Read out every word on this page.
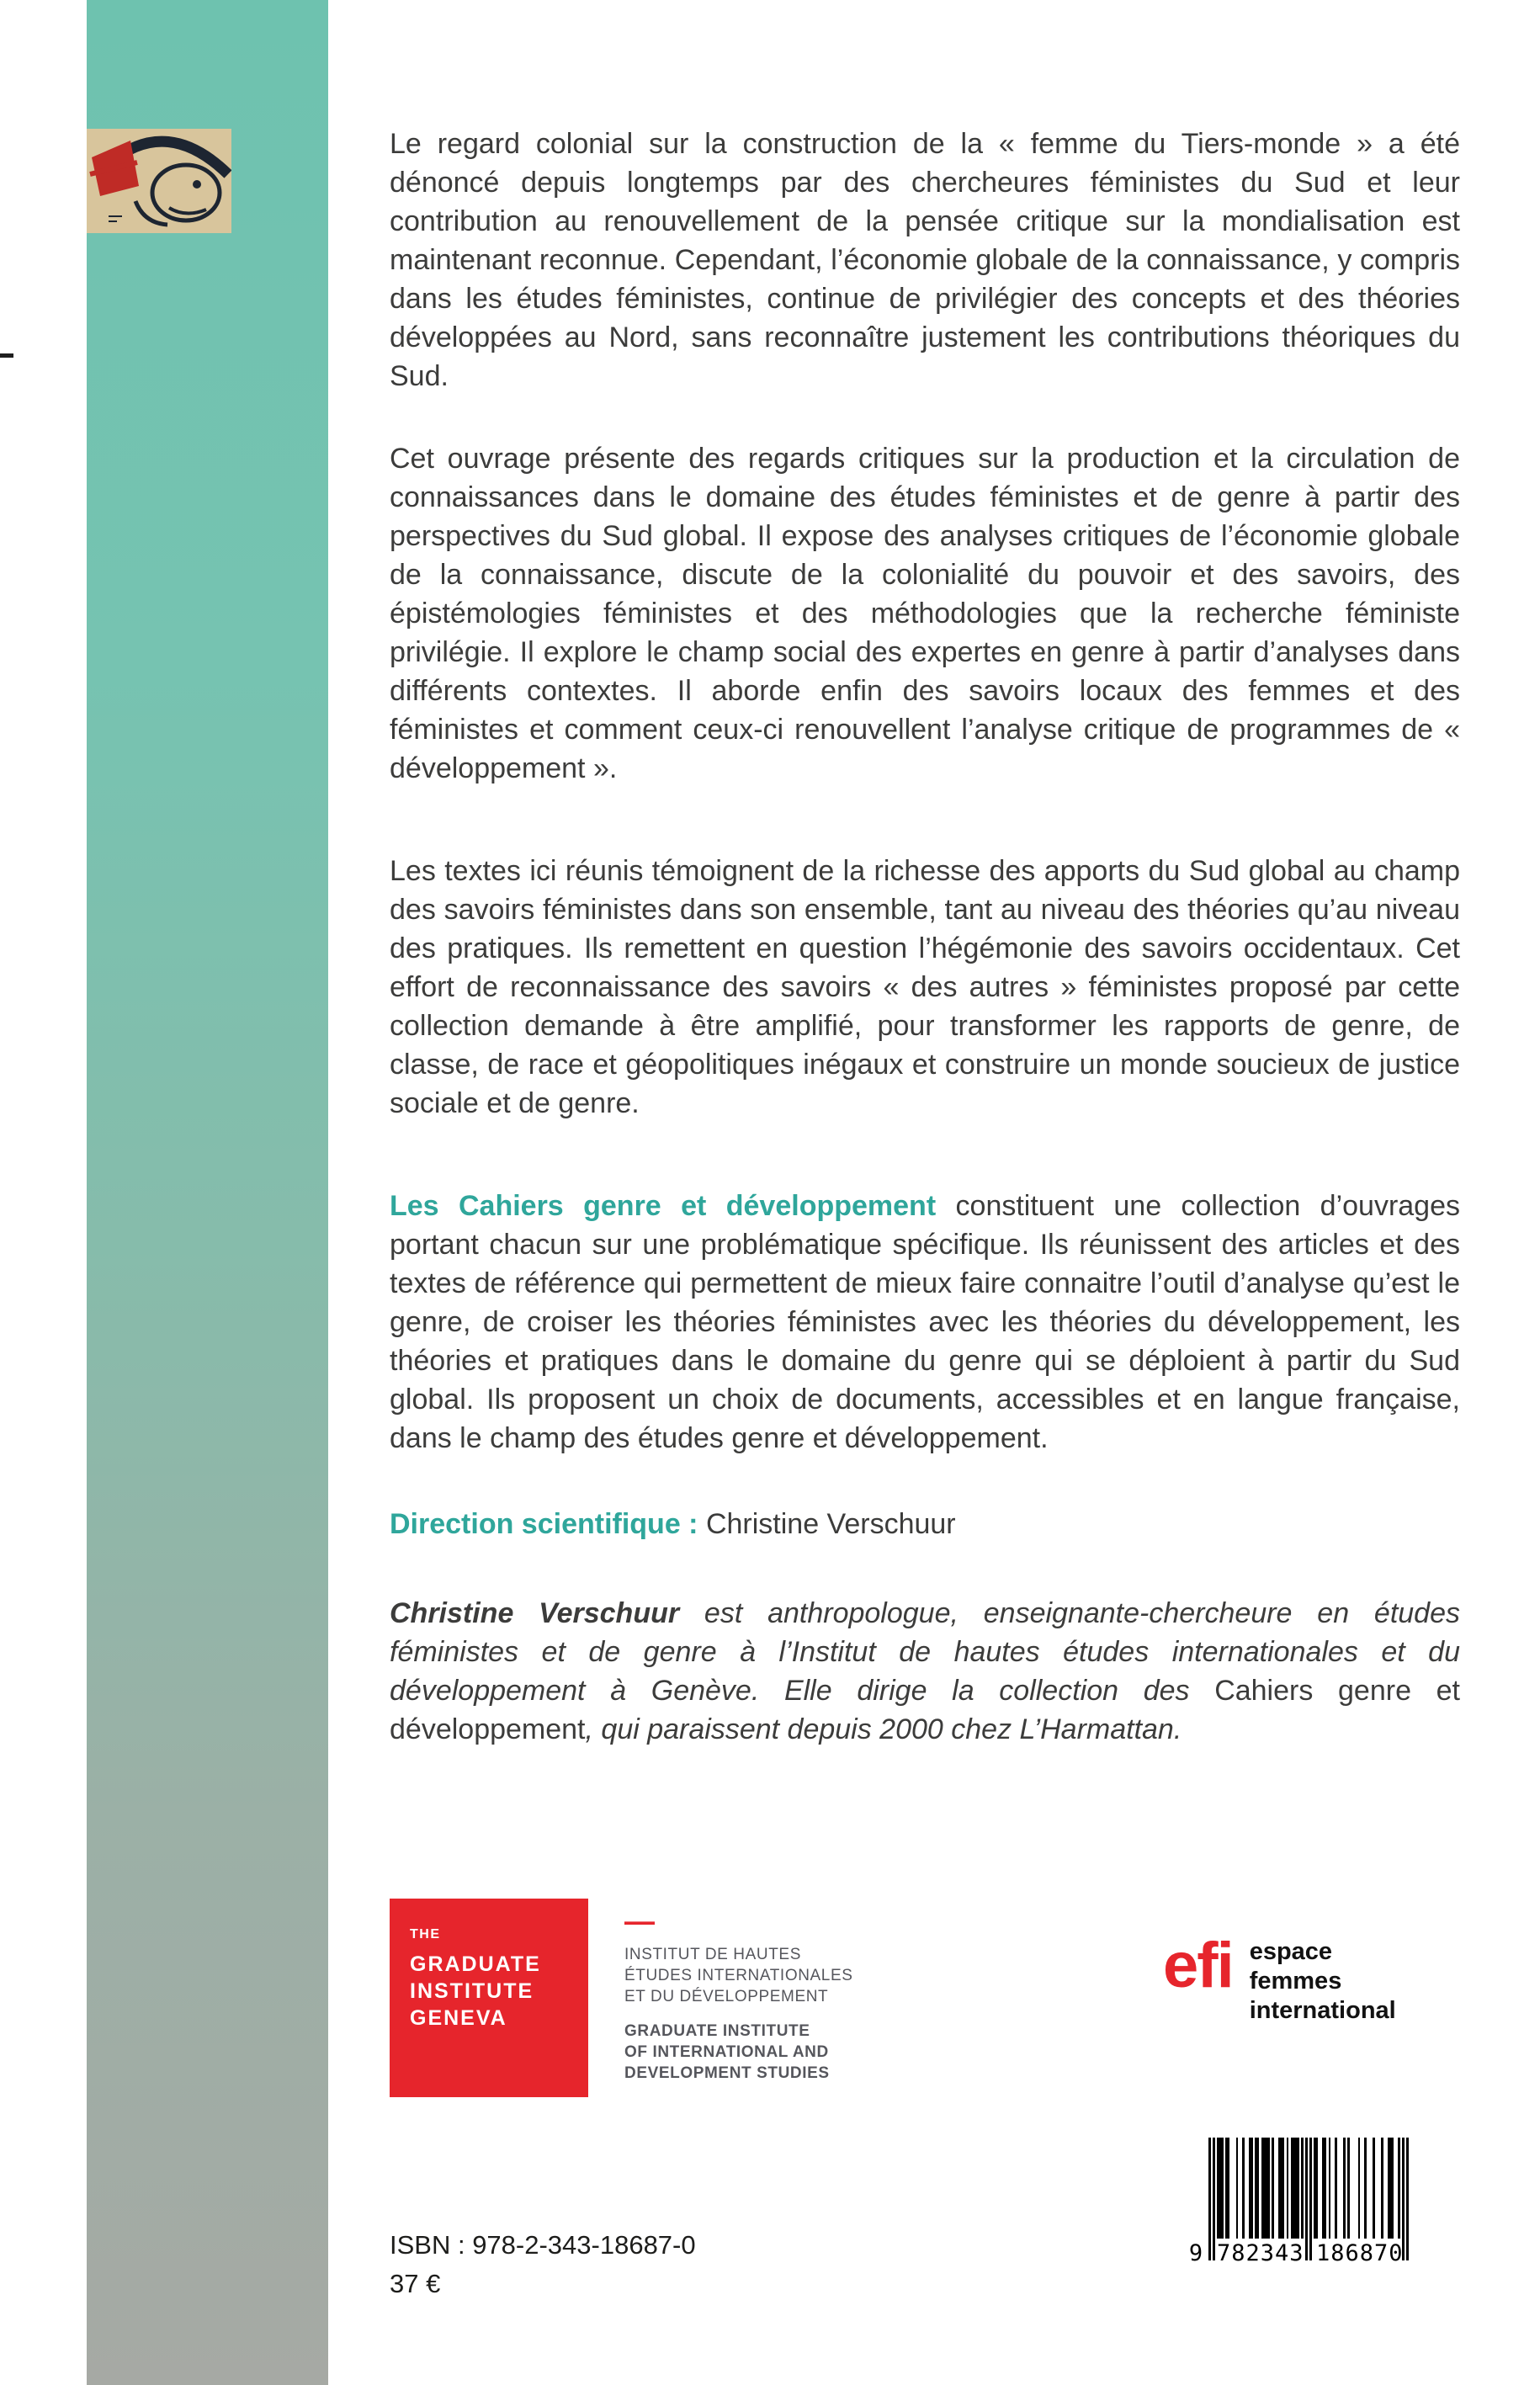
Le regard colonial sur la construction de la « femme du Tiers-monde » a été dénoncé depuis longtemps par des chercheures féministes du Sud et leur contribution au renouvellement de la pensée critique sur la mondialisation est maintenant reconnue. Cependant, l’économie globale de la connaissance, y compris dans les études féministes, continue de privilégier des concepts et des théories développées au Nord, sans reconnaître justement les contributions théoriques du Sud.

Cet ouvrage présente des regards critiques sur la production et la circulation de connaissances dans le domaine des études féministes et de genre à partir des perspectives du Sud global. Il expose des analyses critiques de l’économie globale de la connaissance, discute de la colonialité du pouvoir et des savoirs, des épistémologies féministes et des méthodologies que la recherche féministe privilégie. Il explore le champ social des expertes en genre à partir d’analyses dans différents contextes. Il aborde enfin des savoirs locaux des femmes et des féministes et comment ceux-ci renouvellent l’analyse critique de programmes de « développement ».

Les textes ici réunis témoignent de la richesse des apports du Sud global au champ des savoirs féministes dans son ensemble, tant au niveau des théories qu’au niveau des pratiques. Ils remettent en question l’hégémonie des savoirs occidentaux. Cet effort de reconnaissance des savoirs « des autres » féministes proposé par cette collection demande à être amplifié, pour transformer les rapports de genre, de classe, de race et géopolitiques inégaux et construire un monde soucieux de justice sociale et de genre.

Les Cahiers genre et développement constituent une collection d’ouvrages portant chacun sur une problématique spécifique. Ils réunissent des articles et des textes de référence qui permettent de mieux faire connaitre l’outil d’analyse qu’est le genre, de croiser les théories féministes avec les théories du développement, les théories et pratiques dans le domaine du genre qui se déploient à partir du Sud global. Ils proposent un choix de documents, accessibles et en langue française, dans le champ des études genre et développement.

Direction scientifique : Christine Verschuur

Christine Verschuur est anthropologue, enseignante-chercheure en études féministes et de genre à l’Institut de hautes études internationales et du développement à Genève. Elle dirige la collection des Cahiers genre et développement, qui paraissent depuis 2000 chez L’Harmattan.

THE
GRADUATE
INSTITUTE
GENEVA
—
INSTITUT DE HAUTES
ÉTUDES INTERNATIONALES
ET DU DÉVELOPPEMENT
GRADUATE INSTITUTE
OF INTERNATIONAL AND
DEVELOPMENT STUDIES
efi espace
femmes
international
9 782343 186870
ISBN : 978-2-343-18687-0
37 €
